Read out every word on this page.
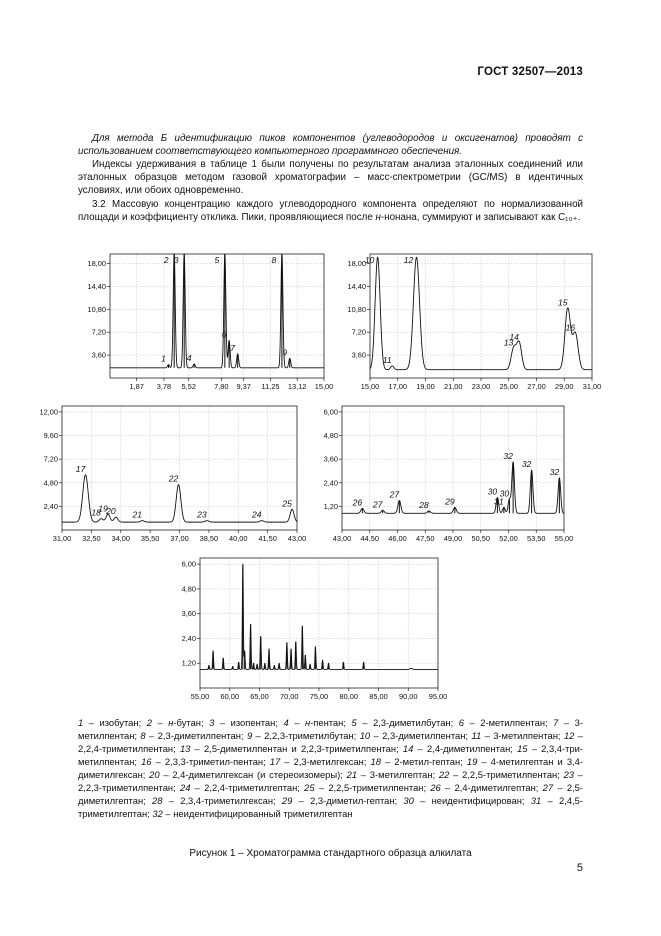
ГОСТ 32507—2013

Для метода Б идентификацию пиков компонентов (углеводородов и оксигенатов) проводят с использованием соответствующего компьютерного программного обеспечения.

Индексы удерживания в таблице 1 были получены по результатам анализа эталонных соединений или эталонных образцов методом газовой хроматографии – масс-спектрометрии (GC/MS) в идентичных условиях, или обоих одновременно.

3.2 Массовую концентрацию каждого углеводородного компонента определяют по нормализованной площади и коэффициенту отклика. Пики, проявляющиеся после н-нонана, суммируют и записывают как С₁₀₊.

3,60
7,20
10,80
14,40
18,00
1,87 3,78 5,52 7,80 9,37 11,25 13,12 15,00
1
2 3
4
5
6
7
8
9	3,60
7,20
10,80
14,40
18,00
15,00 17,00 19,00 21,00 23,00 25,00 27,00 29,00 31,00
10
11
12
13
14
15
16
2,40
4,80
7,20
9,60
12,00
31,00 32,50 34,00 35,50 37,00 38,50 40,00 41,50 43,00
17
18
19
20 21
22
23	24
25	1,20
2,40
3,60
4,80
6,00
43,00 44,50 46,00 47,50 49,00 50,50 52,00 53,50 55,00
26 27
27
28 29
30
31
30
32
32
32
1,20
2,40
3,60
4,80
6,00
55,00 60,00 65,00 70,00 75,00 80,00 85,00 90,00 95,00

1 – изобутан; 2 – н-бутан; 3 – изопентан; 4 – н-пентан; 5 – 2,3-диметилбутан; 6 – 2-метилпентан; 7 – 3-метилпентан; 8 – 2,3-диметилпентан; 9 – 2,2,3-триметилбутан; 10 – 2,3-диметилпентан; 11 – 3-метилпентан; 12 – 2,2,4-триметилпентан; 13 – 2,5-диметилпентан и 2,2,3-триметилпентан; 14 – 2,4-диметилпентан; 15 – 2,3,4-три-метилпентан; 16 – 2,3,3-триметил-пентан; 17 – 2,3-метилгексан; 18 – 2-метил-гептан; 19 – 4-метилгептан и 3,4-диметилгексан; 20 – 2,4-диметилгексан (и стереоизомеры); 21 – 3-метилгептан; 22 – 2,2,5-триметилпентан; 23 – 2,2,3-триметилпентан; 24 – 2,2,4-триметилгептан; 25 – 2,2,5-триметилпентан; 26 – 2,4-диметилгептан; 27 – 2,5-диметилгептан; 28 – 2,3,4-триметилгексан; 29 – 2,3-диметил-гептан; 30 – неидентифицирован; 31 – 2,4,5-триметилгептан; 32 – неидентифицированный триметилгептан

Рисунок 1 – Хроматограмма стандартного образца алкилата
5
